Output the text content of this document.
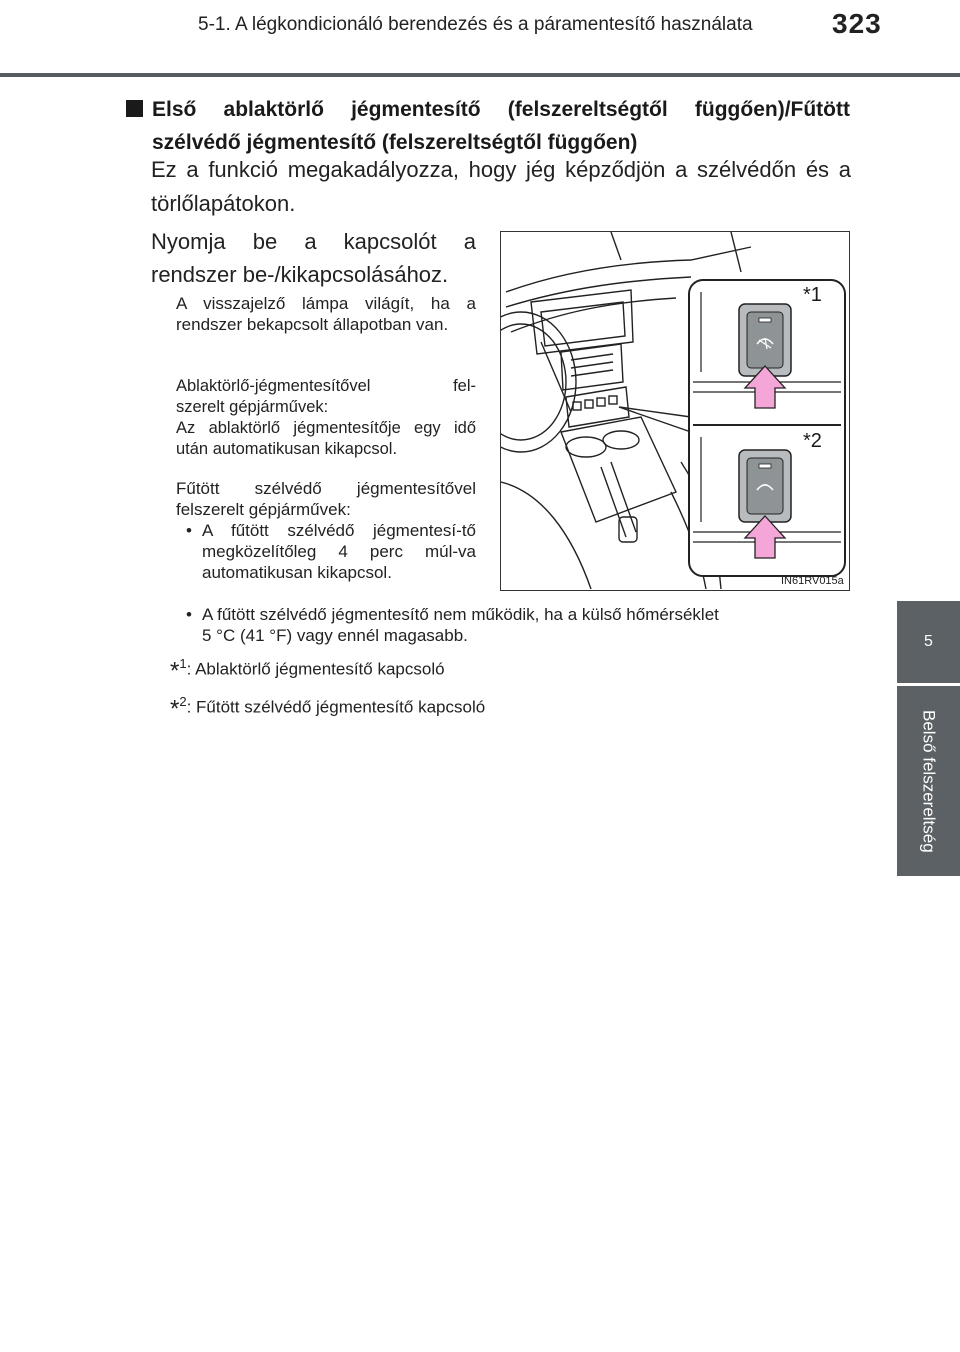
5-1. A légkondicionáló berendezés és a páramentesítő használata	323
5
Belső felszereltség
Első ablaktörlő jégmentesítő (felszereltségtől függően)/Fűtött
szélvédő jégmentesítő (felszereltségtől függően)
Ez a funkció megakadályozza, hogy jég képződjön a szélvédőn és a törlőlapátokon.
Nyomja be a kapcsolót a rendszer be-/kikapcsolásához.
A visszajelző lámpa világít, ha a rendszer bekapcsolt állapotban van.
Ablaktörlő-jégmentesítővel fel-
szerelt gépjárművek:
Az ablaktörlő jégmentesítője egy idő után automatikusan kikapcsol.
Fűtött szélvédő jégmentesítővel felszerelt gépjárművek:
• A fűtött szélvédő jégmentesí-tő megközelítőleg 4 perc múl-va automatikusan kikapcsol.
• A fűtött szélvédő jégmentesítő nem működik, ha a külső hőmérséklet
5 °C (41 °F) vagy ennél magasabb.
*$^1$: Ablaktörlő jégmentesítő kapcsoló
*$^2$: Fűtött szélvédő jégmentesítő kapcsoló
*1
*2
IN61RV015a
